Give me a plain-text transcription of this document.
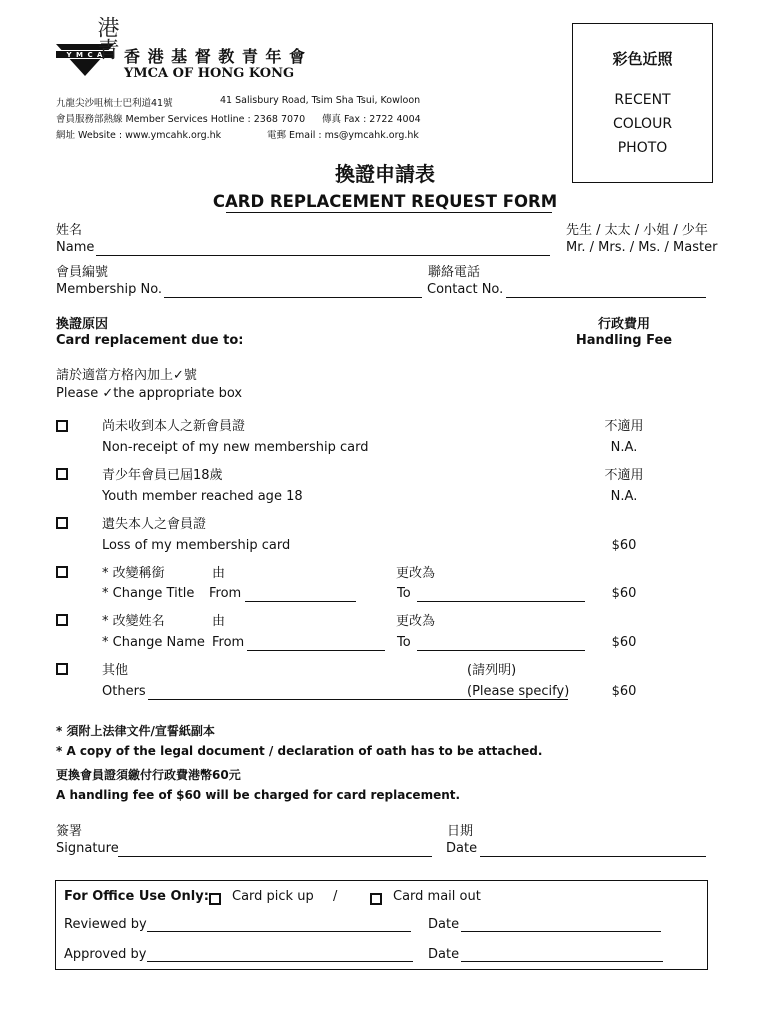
Y M C A
港青 香 港 基 督 教 青 年 會
YMCA OF HONG KONG
九龍尖沙咀梳士巴利道41號	41 Salisbury Road, Tsim Sha Tsui, Kowloon
會員服務部熱線 Member Services Hotline : 2368 7070 傳真 Fax : 2722 4004
網址 Website : www.ymcahk.org.hk	電郵 Email : ms@ymcahk.org.hk
彩色近照
RECENT
COLOUR
PHOTO
換證申請表
CARD REPLACEMENT REQUEST FORM
姓名
Name
先生 / 太太 / 小姐 / 少年
Mr. / Mrs. / Ms. / Master
會員編號
Membership No.
聯絡電話
Contact No.
換證原因
Card replacement due to:
行政費用
Handling Fee
請於適當方格內加上✓號
Please ✓the appropriate box
尚未收到本人之新會員證
Non-receipt of my new membership card
不適用
N.A.
青少年會員已屆18歲
Youth member reached age 18
不適用
N.A.
遺失本人之會員證
Loss of my membership card	$60
* 改變稱銜	由	更改為
* Change Title From	To	$60
* 改變姓名	由	更改為
* Change Name From	To	$60
其他	(請列明)
Others	(Please specify)	$60
* 須附上法律文件/宣誓紙副本
* A copy of the legal document / declaration of oath has to be attached.
更換會員證須繳付行政費港幣60元
A handling fee of $60 will be charged for card replacement.
簽署
Signature
日期
Date
For Office Use Only: Card pick up /	Card mail out
Reviewed by	Date
Approved by	Date
